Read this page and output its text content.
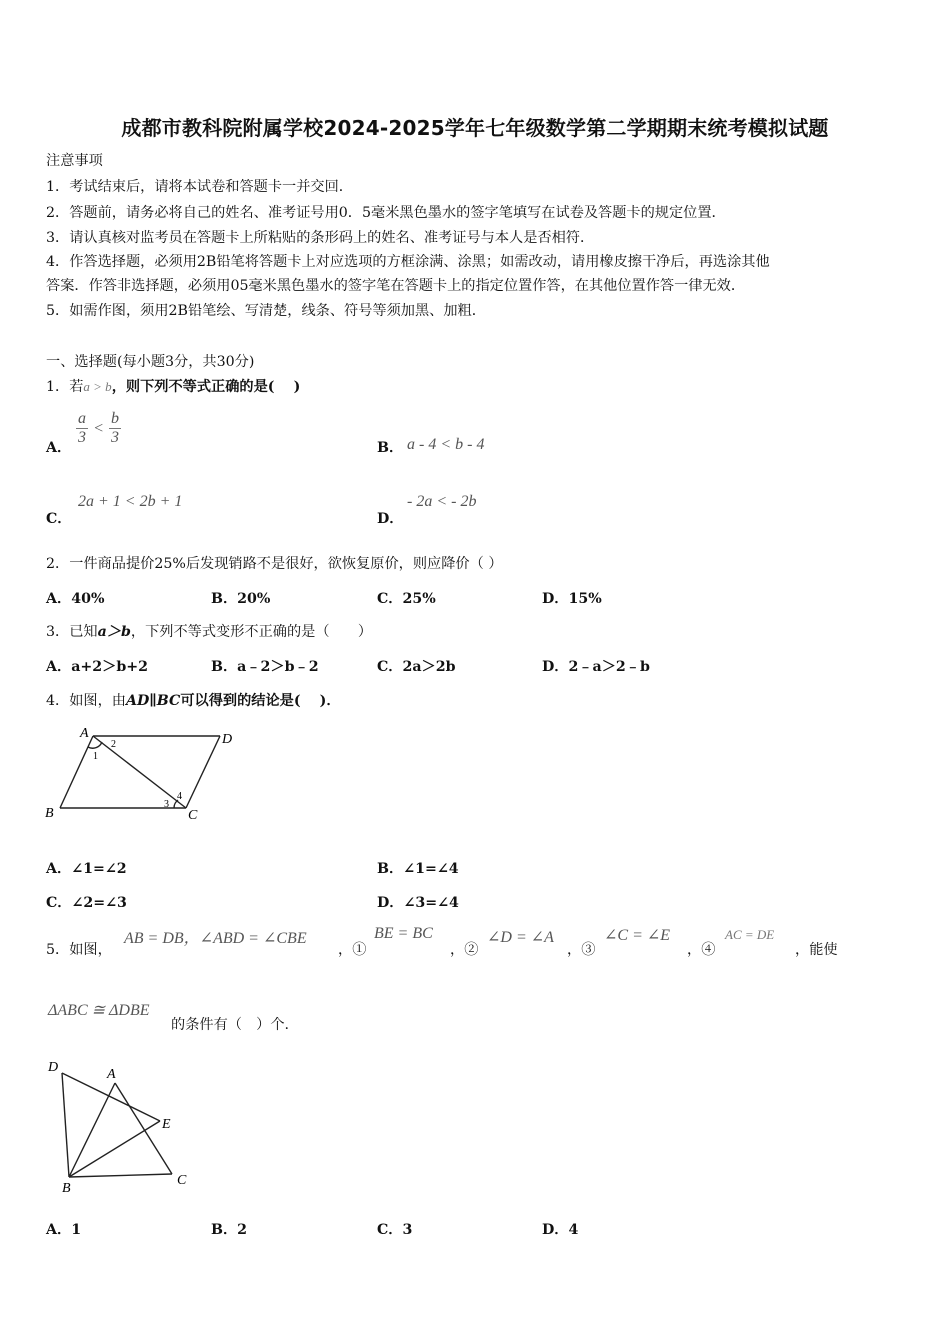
成都市教科院附属学校2024-2025学年七年级数学第二学期期末统考模拟试题
注意事项
1．考试结束后，请将本试卷和答题卡一并交回．
2．答题前，请务必将自己的姓名、准考证号用0．5毫米黑色墨水的签字笔填写在试卷及答题卡的规定位置．
3．请认真核对监考员在答题卡上所粘贴的条形码上的姓名、准考证号与本人是否相符．
4．作答选择题，必须用2B铅笔将答题卡上对应选项的方框涂满、涂黑；如需改动，请用橡皮擦干净后，再选涂其他
答案．作答非选择题，必须用05毫米黑色墨水的签字笔在答题卡上的指定位置作答，在其他位置作答一律无效．
5．如需作图，须用2B铅笔绘、写清楚，线条、符号等须加黑、加粗．
一、选择题(每小题3分，共30分)
1．若a > b，则下列不等式正确的是(　 )
A．
$\frac{a}{3} < \frac{b}{3}$
B． a - 4 < b - 4
C．
2a + 1 < 2b + 1
D．
- 2a < - 2b
2．一件商品提价25%后发现销路不是很好，欲恢复原价，则应降价（ ）
A．40%	B．20%	C．25%	D．15%
3．已知a＞b，下列不等式变形不正确的是（　　）
A．a+2＞b+2	B．a﹣2＞b﹣2	C．2a＞2b	D．2﹣a＞2﹣b
4．如图，由AD∥BC可以得到的结论是(　 )．
A	D
B	C
1
2
3
4
A．∠1=∠2	B．∠1=∠4
C．∠2=∠3	D．∠3=∠4
5．如图，
AB = DB，∠ABD = ∠CBE
，①
BE = BC
，②
∠D = ∠A
，③
∠C = ∠E
，④
AC = DE
，能使
ΔABC ≅ ΔDBE
的条件有（　）个.
D	A
E
B
C
A．1	B．2	C．3	D．4
